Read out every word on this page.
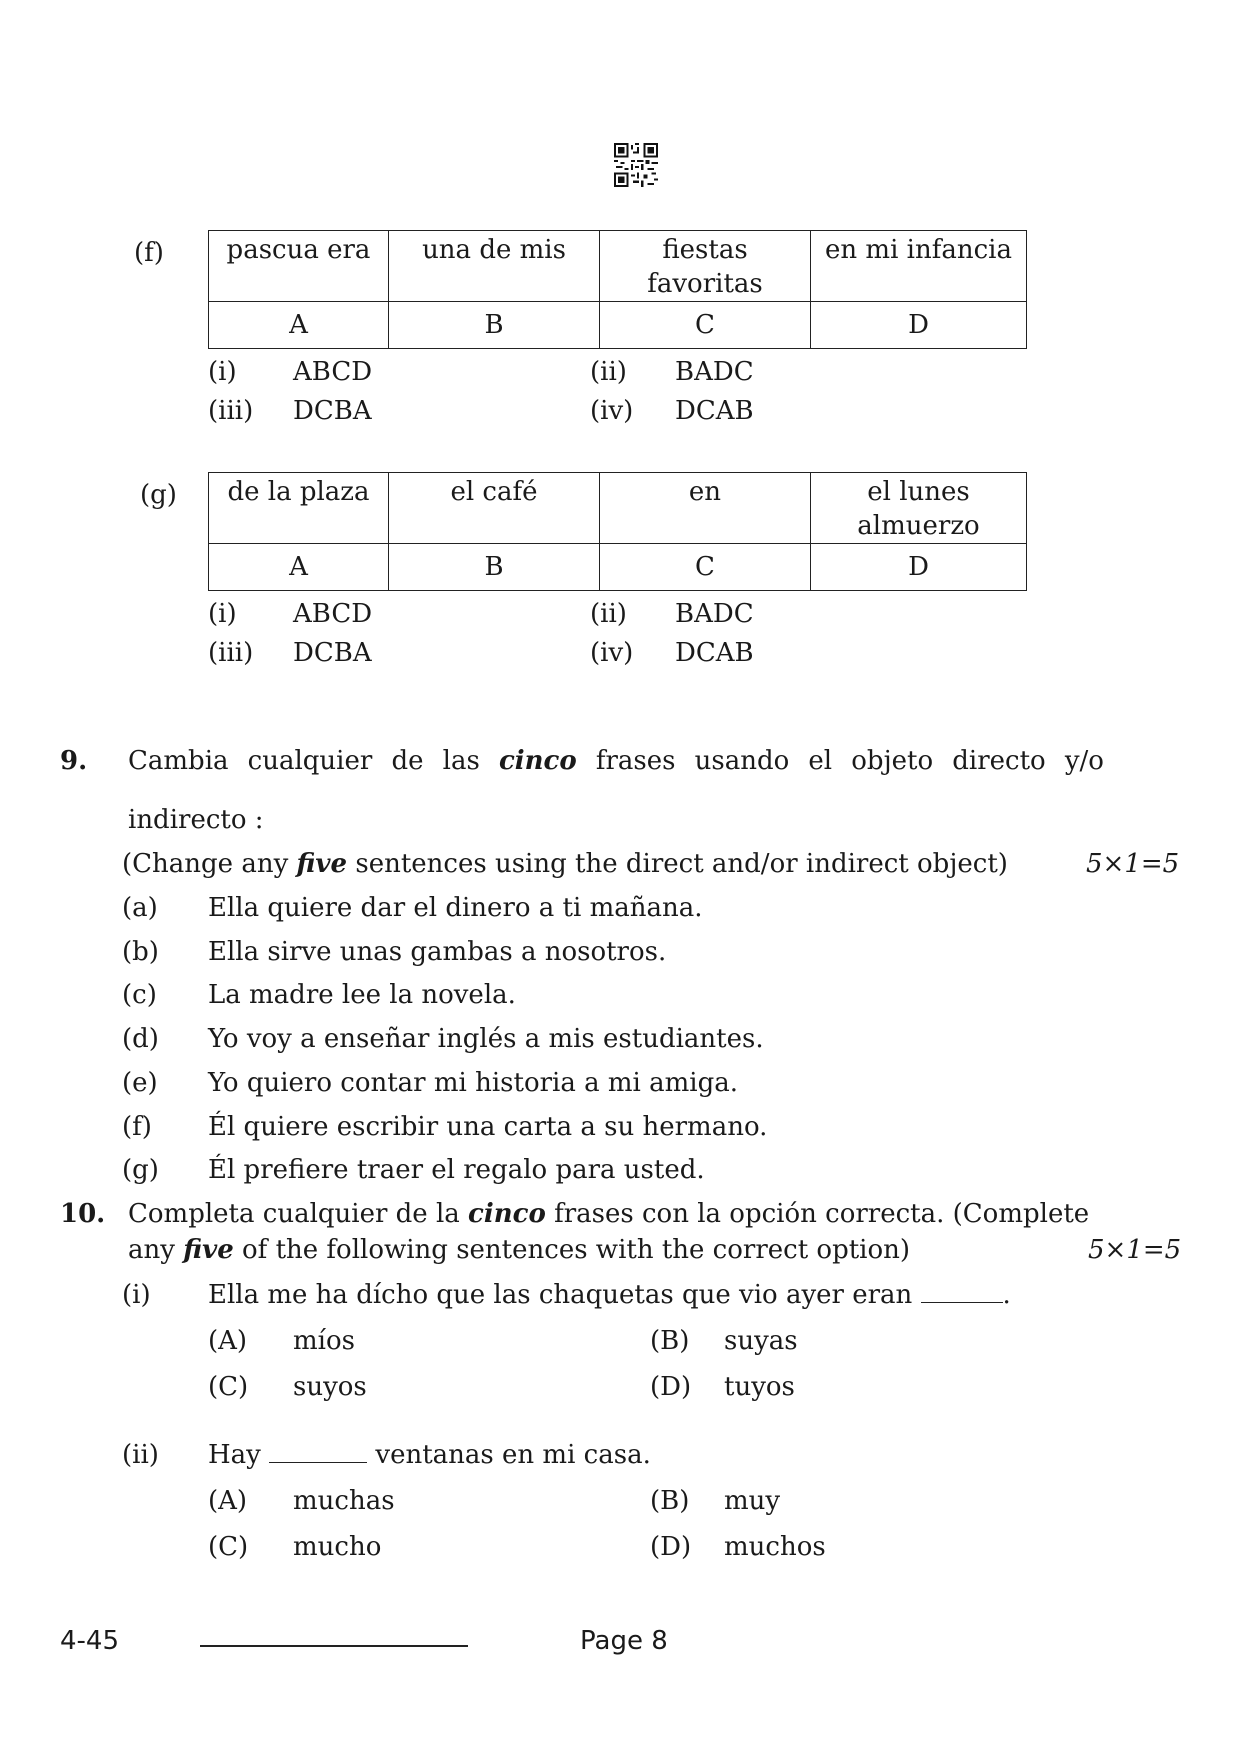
(f) pascua era	una de mis	fiestas favoritas	en mi infancia
A	B	C	D
(i) ABCD	(ii) BADC
(iii) DCBA	(iv) DCAB
(g) de la plaza	el café	en	el lunes almuerzo
A	B	C	D
(i) ABCD	(ii) BADC
(iii) DCBA	(iv) DCAB
9. Cambia cualquier de las cinco frases usando el objeto directo y/o
indirecto :
(Change any five sentences using the direct and/or indirect object)	5×1=5
(a) Ella quiere dar el dinero a ti mañana.
(b) Ella sirve unas gambas a nosotros.
(c) La madre lee la novela.
(d) Yo voy a enseñar inglés a mis estudiantes.
(e) Yo quiero contar mi historia a mi amiga.
(f) Él quiere escribir una carta a su hermano.
(g) Él prefiere traer el regalo para usted.
10. Completa cualquier de la cinco frases con la opción correcta. (Complete
any five of the following sentences with the correct option)	5×1=5
(i) Ella me ha dícho que las chaquetas que vio ayer eran	.
(A) míos	(B) suyas
(C) suyos	(D) tuyos
(ii) Hay	ventanas en mi casa.
(A) muchas	(B) muy
(C) mucho	(D) muchos
4-45	Page 8
